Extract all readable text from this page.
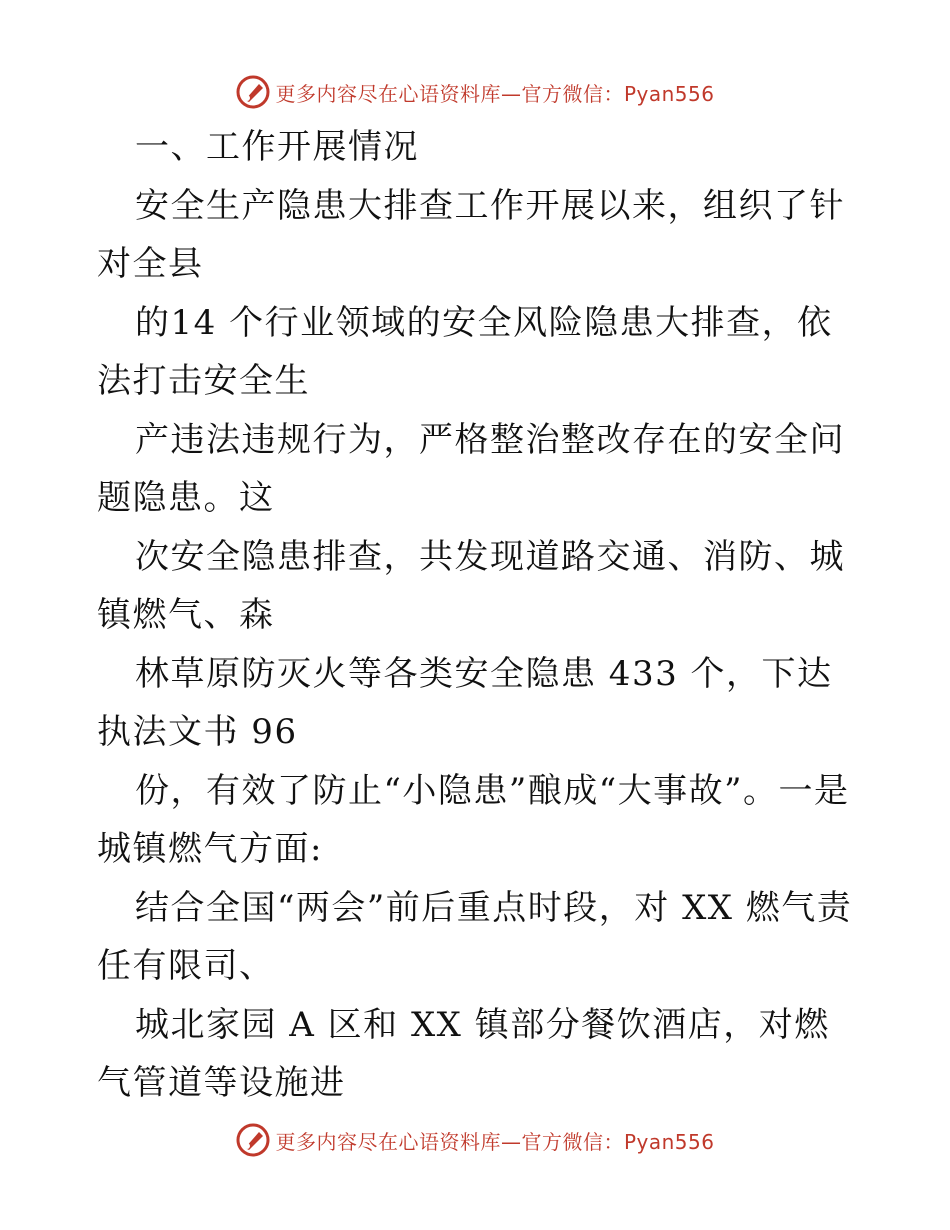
更多内容尽在心语资料库—官方微信：Pyan556

一、工作开展情况

安全生产隐患大排查工作开展以来，组织了针对全县

的14 个行业领域的安全风险隐患大排查，依法打击安全生

产违法违规行为，严格整治整改存在的安全问题隐患。这

次安全隐患排查，共发现道路交通、消防、城镇燃气、森

林草原防灭火等各类安全隐患 433 个，下达执法文书 96

份，有效了防止“小隐患”酿成“大事故”。一是城镇燃气方面:

结合全国“两会”前后重点时段，对 XX 燃气责任有限司、

城北家园 A 区和 XX 镇部分餐饮酒店，对燃气管道等设施进

更多内容尽在心语资料库—官方微信：Pyan556
